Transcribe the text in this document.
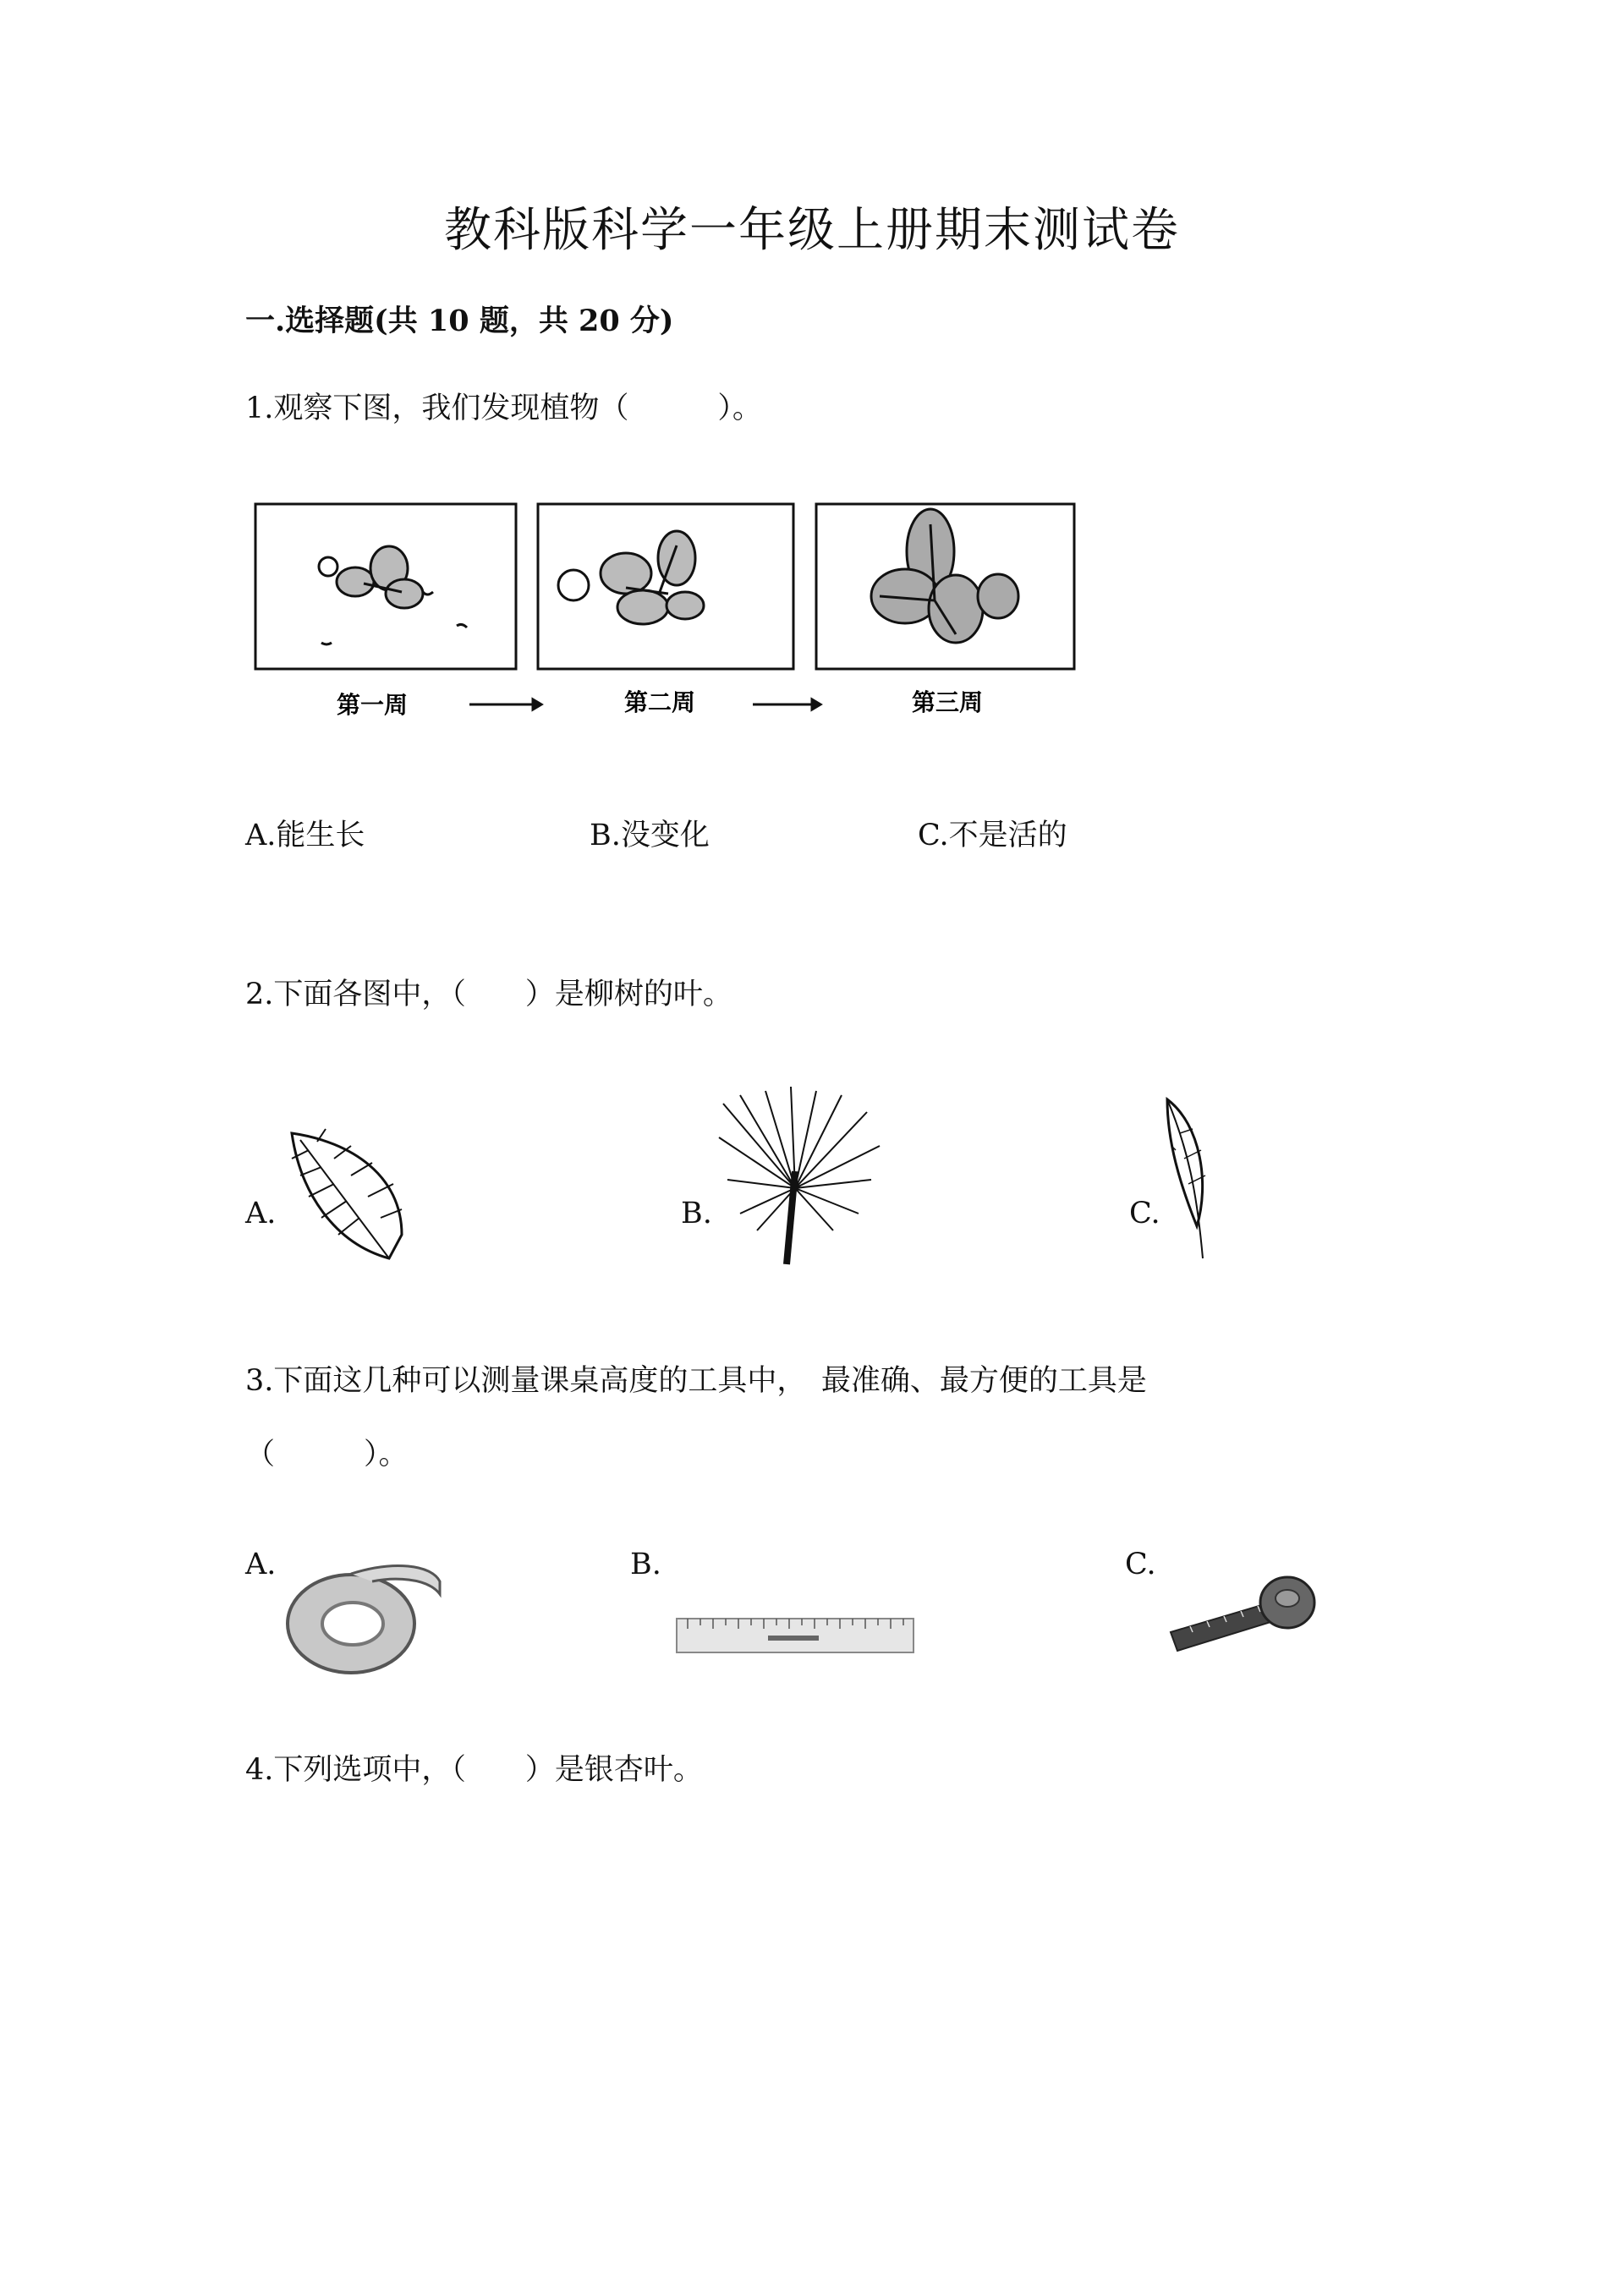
教科版科学一年级上册期末测试卷
一.选择题(共 10 题，共 20 分)
1.观察下图，我们发现植物（　　　）。
第一周	第二周	第三周
A.能生长	B.没变化	C.不是活的
2.下面各图中，（　　）是柳树的叶。
A.	B.	C.
3.下面这几种可以测量课桌高度的工具中，　最准确、最方便的工具是
（　　　）。
A.	B.	C.
4.下列选项中，（　　）是银杏叶。
